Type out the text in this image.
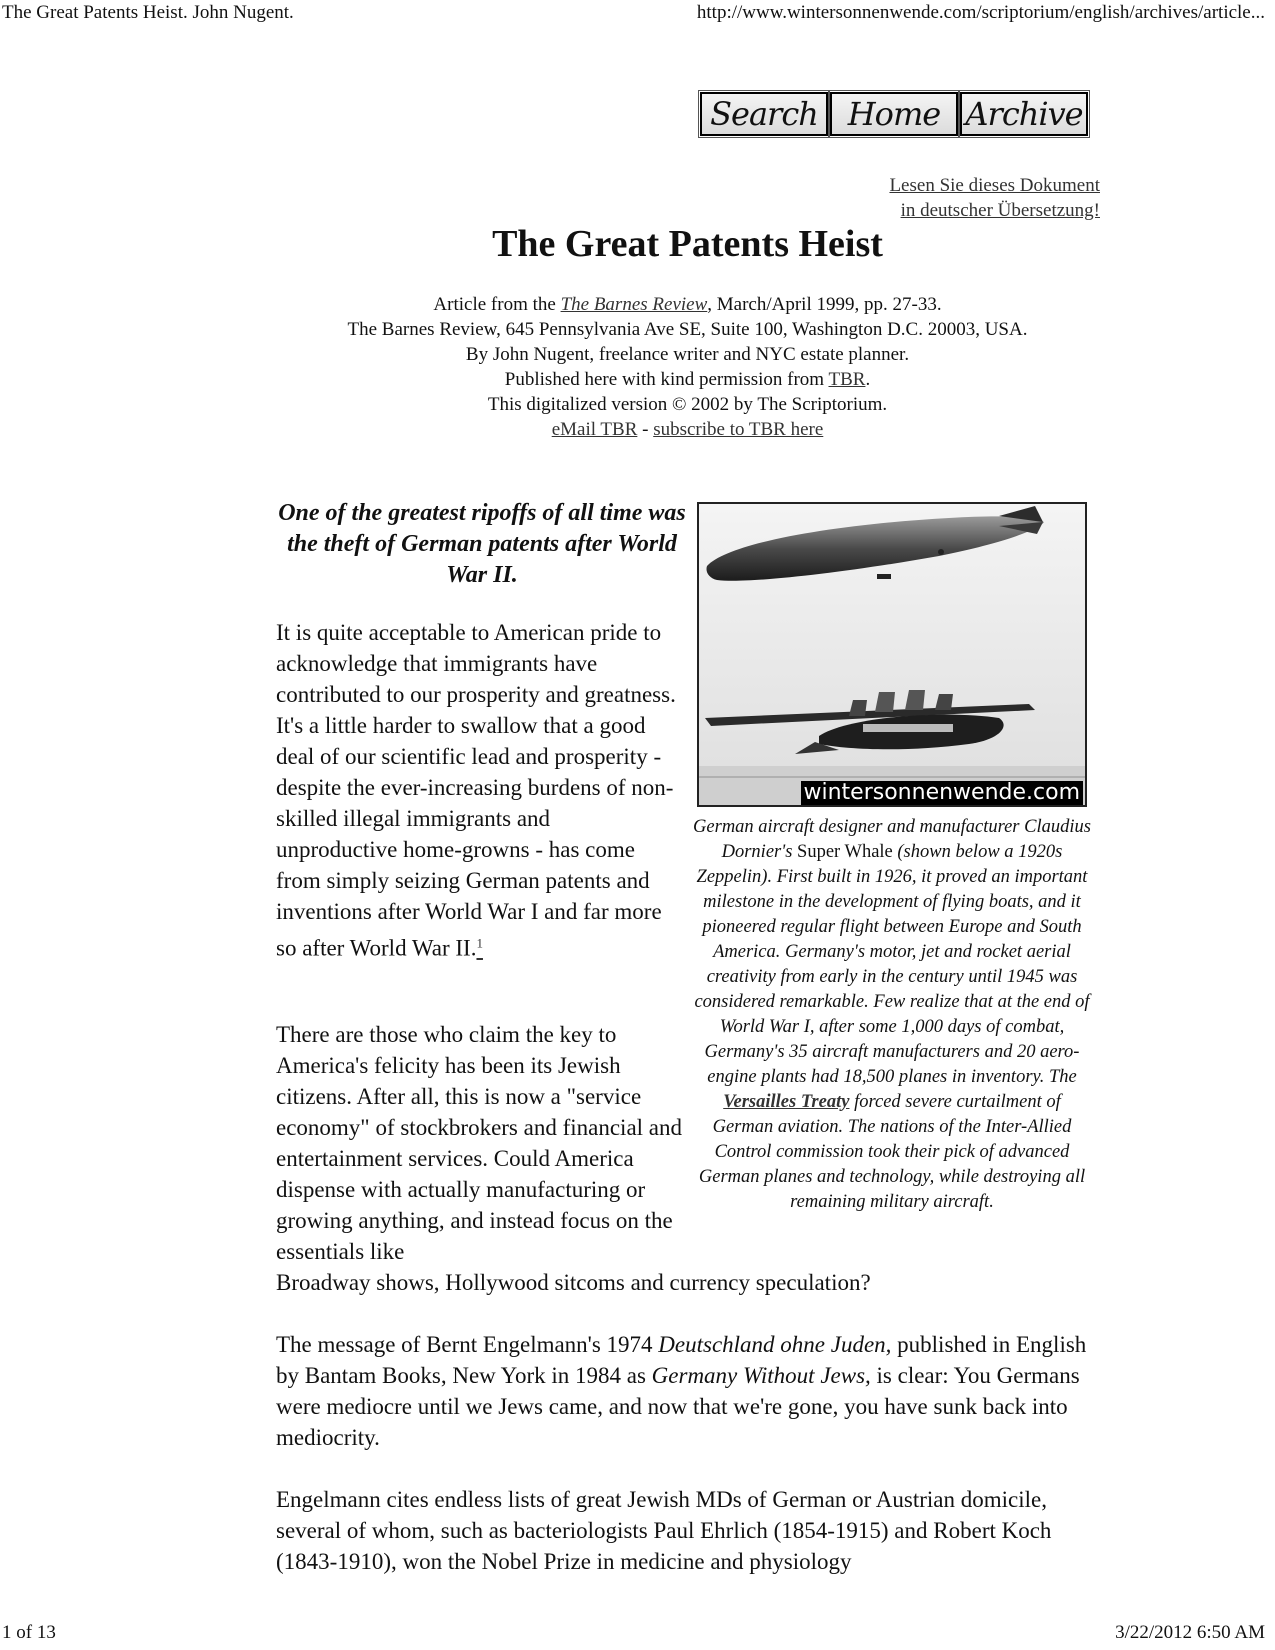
The Great Patents Heist. John Nugent.	http://www.wintersonnenwende.com/scriptorium/english/archives/article...
Search Home Archive
Lesen Sie dieses Dokument
in deutscher Übersetzung!
The Great Patents Heist
Article from the The Barnes Review, March/April 1999, pp. 27-33.
The Barnes Review, 645 Pennsylvania Ave SE, Suite 100, Washington D.C. 20003, USA.
By John Nugent, freelance writer and NYC estate planner.
Published here with kind permission from TBR.
This digitalized version © 2002 by The Scriptorium.
eMail TBR - subscribe to TBR here

One of the greatest ripoffs of all time was the theft of German patents after World War II.

wintersonnenwende.com
German aircraft designer and manufacturer Claudius Dornier's Super Whale (shown below a 1920s Zeppelin). First built in 1926, it proved an important milestone in the development of flying boats, and it pioneered regular flight between Europe and South America. Germany's motor, jet and rocket aerial creativity from early in the century until 1945 was considered remarkable. Few realize that at the end of World War I, after some 1,000 days of combat, Germany's 35 aircraft manufacturers and 20 aero-engine plants had 18,500 planes in inventory. The Versailles Treaty forced severe curtailment of German aviation. The nations of the Inter-Allied Control commission took their pick of advanced German planes and technology, while destroying all remaining military aircraft.

It is quite acceptable to American pride to acknowledge that immigrants have contributed to our prosperity and greatness. It's a little harder to swallow that a good deal of our scientific lead and prosperity - despite the ever-increasing burdens of non-skilled illegal immigrants and unproductive home-growns - has come from simply seizing German patents and inventions after World War I and far more so after World War II.$^1$

There are those who claim the key to America's felicity has been its Jewish citizens. After all, this is now a "service economy" of stockbrokers and financial and entertainment services. Could America dispense with actually manufacturing or growing anything, and instead focus on the essentials like

Broadway shows, Hollywood sitcoms and currency speculation?

The message of Bernt Engelmann's 1974 Deutschland ohne Juden, published in English by Bantam Books, New York in 1984 as Germany Without Jews, is clear: You Germans were mediocre until we Jews came, and now that we're gone, you have sunk back into mediocrity.

Engelmann cites endless lists of great Jewish MDs of German or Austrian domicile, several of whom, such as bacteriologists Paul Ehrlich (1854-1915) and Robert Koch (1843-1910), won the Nobel Prize in medicine and physiology

1 of 13	3/22/2012 6:50 AM
